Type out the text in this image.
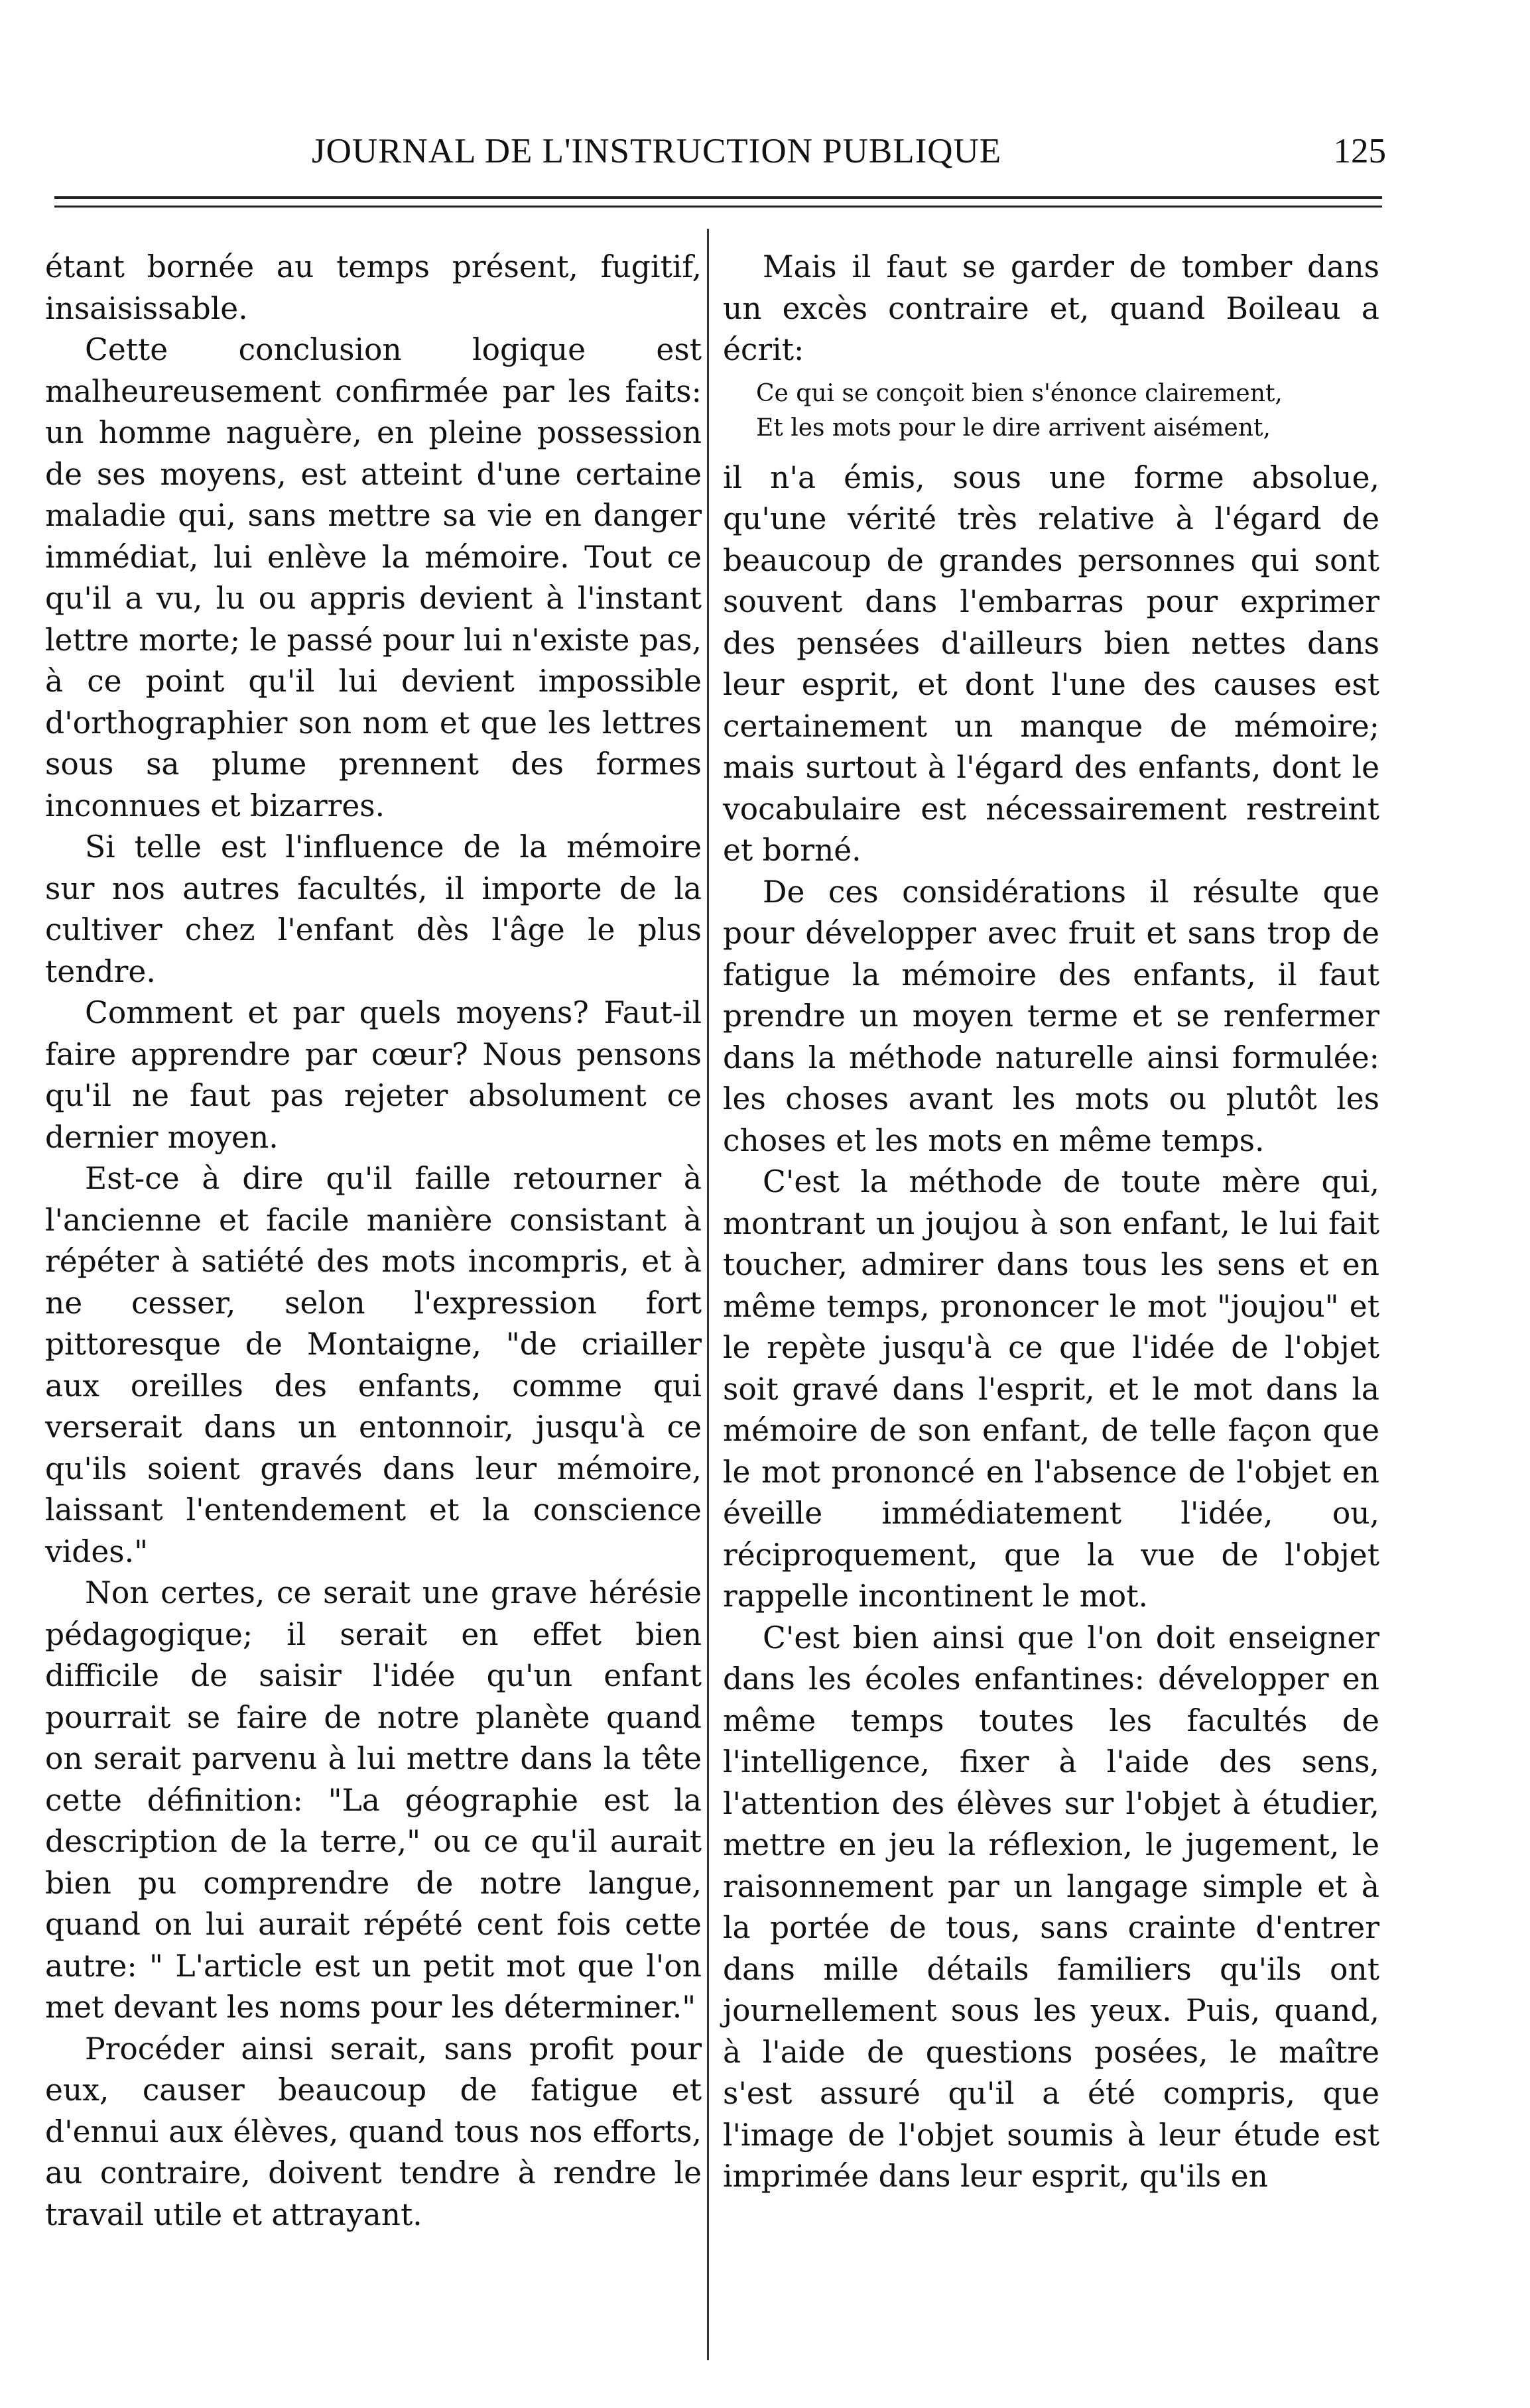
JOURNAL DE L'INSTRUCTION PUBLIQUE	125

étant bornée au temps présent, fugitif, insaisissable.

Cette conclusion logique est malheureusement confirmée par les faits: un homme naguère, en pleine possession de ses moyens, est atteint d'une certaine maladie qui, sans mettre sa vie en danger immédiat, lui enlève la mémoire. Tout ce qu'il a vu, lu ou appris devient à l'instant lettre morte; le passé pour lui n'existe pas, à ce point qu'il lui devient impossible d'orthographier son nom et que les lettres sous sa plume prennent des formes inconnues et bizarres.

Si telle est l'influence de la mémoire sur nos autres facultés, il importe de la cultiver chez l'enfant dès l'âge le plus tendre.

Comment et par quels moyens? Faut-il faire apprendre par cœur? Nous pensons qu'il ne faut pas rejeter absolument ce dernier moyen.

Est-ce à dire qu'il faille retourner à l'ancienne et facile manière consistant à répéter à satiété des mots incompris, et à ne cesser, selon l'expression fort pittoresque de Montaigne, "de criailler aux oreilles des enfants, comme qui verserait dans un entonnoir, jusqu'à ce qu'ils soient gravés dans leur mémoire, laissant l'entendement et la conscience vides."

Non certes, ce serait une grave hérésie pédagogique; il serait en effet bien difficile de saisir l'idée qu'un enfant pourrait se faire de notre planète quand on serait parvenu à lui mettre dans la tête cette définition: "La géographie est la description de la terre," ou ce qu'il aurait bien pu comprendre de notre langue, quand on lui aurait répété cent fois cette autre: " L'article est un petit mot que l'on met devant les noms pour les déterminer."

Procéder ainsi serait, sans profit pour eux, causer beaucoup de fatigue et d'ennui aux élèves, quand tous nos efforts, au contraire, doivent tendre à rendre le travail utile et attrayant.

Mais il faut se garder de tomber dans un excès contraire et, quand Boileau a écrit:

Ce qui se conçoit bien s'énonce clairement,
Et les mots pour le dire arrivent aisément,

il n'a émis, sous une forme absolue, qu'une vérité très relative à l'égard de beaucoup de grandes personnes qui sont souvent dans l'embarras pour exprimer des pensées d'ailleurs bien nettes dans leur esprit, et dont l'une des causes est certainement un manque de mémoire; mais surtout à l'égard des enfants, dont le vocabulaire est nécessairement restreint et borné.

De ces considérations il résulte que pour développer avec fruit et sans trop de fatigue la mémoire des enfants, il faut prendre un moyen terme et se renfermer dans la méthode naturelle ainsi formulée: les choses avant les mots ou plutôt les choses et les mots en même temps.

C'est la méthode de toute mère qui, montrant un joujou à son enfant, le lui fait toucher, admirer dans tous les sens et en même temps, prononcer le mot "joujou" et le repète jusqu'à ce que l'idée de l'objet soit gravé dans l'esprit, et le mot dans la mémoire de son enfant, de telle façon que le mot prononcé en l'absence de l'objet en éveille immédiatement l'idée, ou, réciproquement, que la vue de l'objet rappelle incontinent le mot.

C'est bien ainsi que l'on doit enseigner dans les écoles enfantines: développer en même temps toutes les facultés de l'intelligence, fixer à l'aide des sens, l'attention des élèves sur l'objet à étudier, mettre en jeu la réflexion, le jugement, le raisonnement par un langage simple et à la portée de tous, sans crainte d'entrer dans mille détails familiers qu'ils ont journellement sous les yeux. Puis, quand, à l'aide de questions posées, le maître s'est assuré qu'il a été compris, que l'image de l'objet soumis à leur étude est imprimée dans leur esprit, qu'ils en
